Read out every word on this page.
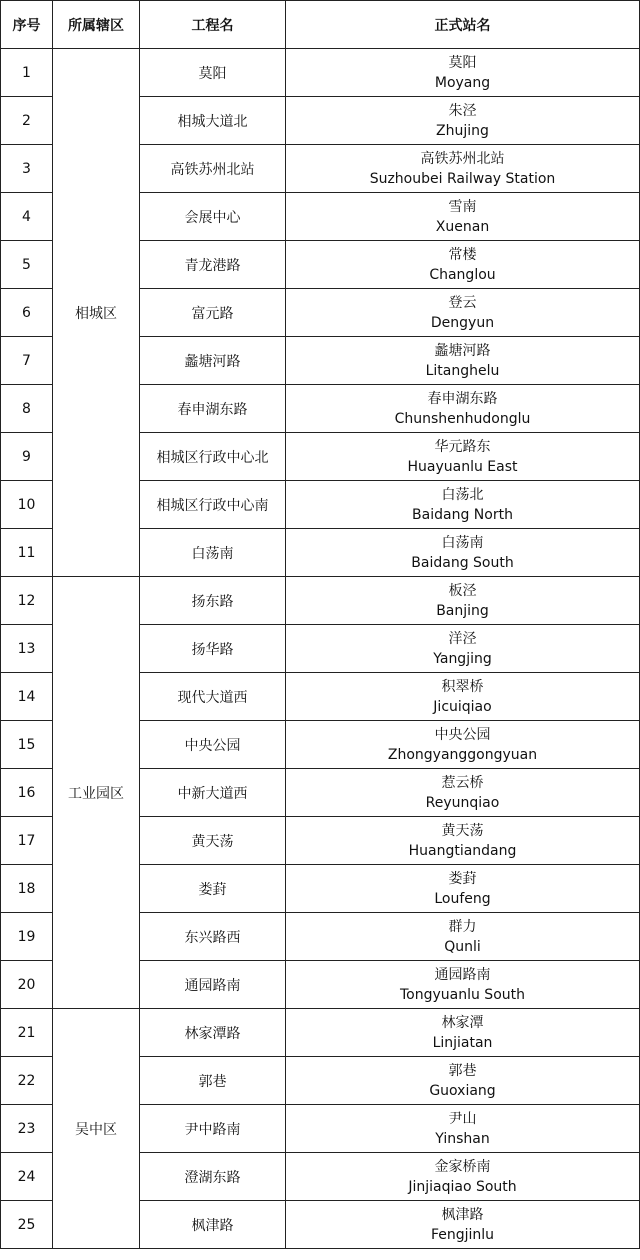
序号	所属辖区	工程名	正式站名
1	相城区	莫阳	莫阳
Moyang

2		相城大道北	朱泾
Zhujing

3		高铁苏州北站	高铁苏州北站
Suzhoubei Railway Station

4		会展中心	雪南
Xuenan

5		青龙港路	常楼
Changlou

6		富元路	登云
Dengyun

7		蠡塘河路	蠡塘河路
Litanghelu

8		春申湖东路	春申湖东路
Chunshenhudonglu

9		相城区行政中心北	华元路东
Huayuanlu East

10		相城区行政中心南	白荡北
Baidang North

11		白荡南	白荡南
Baidang South

12	工业园区	扬东路	板泾
Banjing

13		扬华路	洋泾
Yangjing

14		现代大道西	积翠桥
Jicuiqiao

15		中央公园	中央公园
Zhongyanggongyuan

16		中新大道西	惹云桥
Reyunqiao

17		黄天荡	黄天荡
Huangtiandang

18		娄葑	娄葑
Loufeng

19		东兴路西	群力
Qunli

20		通园路南	通园路南
Tongyuanlu South

21	吴中区	林家潭路	林家潭
Linjiatan

22		郭巷	郭巷
Guoxiang

23		尹中路南	尹山
Yinshan

24		澄湖东路	金家桥南
Jinjiaqiao South

25		枫津路	枫津路
Fengjinlu
